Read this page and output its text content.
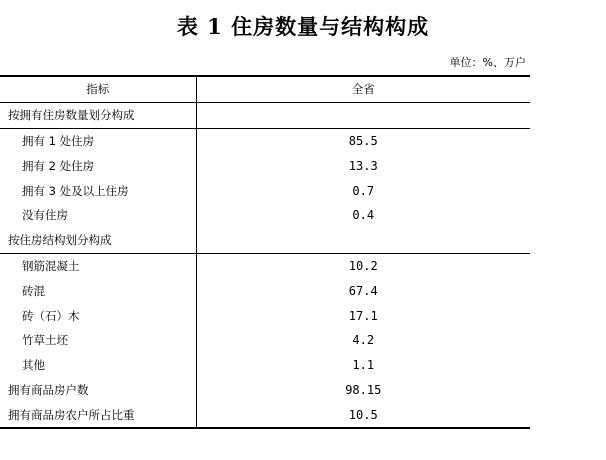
表 1 住房数量与结构构成
单位：%、万户
指标	全省
按拥有住房数量划分构成	
拥有 1 处住房	85.5
拥有 2 处住房	13.3
拥有 3 处及以上住房	0.7
没有住房	0.4
按住房结构划分构成	
钢筋混凝土	10.2
砖混	67.4
砖（石）木	17.1
竹草土坯	4.2
其他	1.1
拥有商品房户数	98.15
拥有商品房农户所占比重	10.5
